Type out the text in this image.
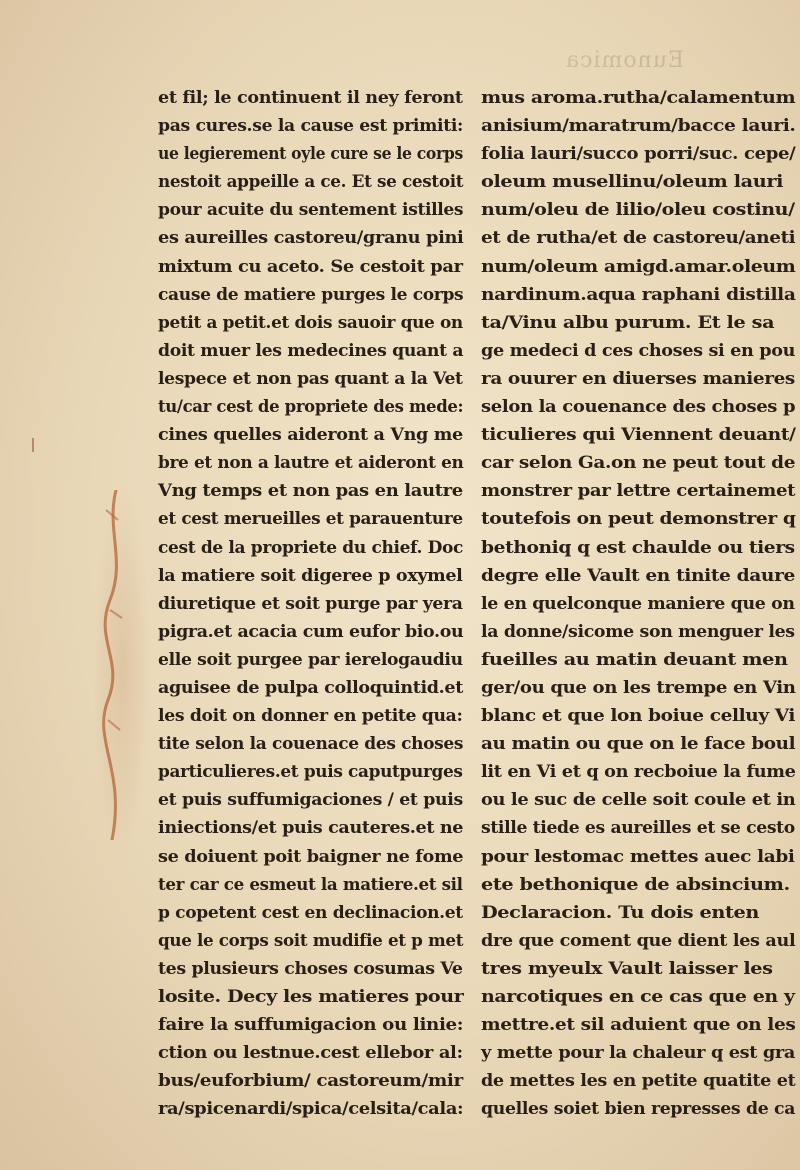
Eunomica
et fil; le continuent il ney feront
pas cures.se la cause est primiti:
ue legierement oyle cure se le corps
nestoit appeille a ce. Et se cestoit
pour acuite du sentement istilles
es aureilles castoreu/granu pini
mixtum cu aceto. Se cestoit par
cause de matiere purges le corps
petit a petit.et dois sauoir que on
doit muer les medecines quant a
lespece et non pas quant a la Vet
tu/car cest de propriete des mede:
cines quelles aideront a Vng me
bre et non a lautre et aideront en
Vng temps et non pas en lautre
et cest merueilles et parauenture
cest de la propriete du chief. Doc
la matiere soit digeree p oxymel
diuretique et soit purge par yera
pigra.et acacia cum eufor bio.ou
elle soit purgee par ierelogaudiu
aguisee de pulpa colloquintid.et
les doit on donner en petite qua:
tite selon la couenace des choses
particulieres.et puis caputpurges
et puis suffumigaciones / et puis
iniections/et puis cauteres.et ne
se doiuent poit baigner ne fome
ter car ce esmeut la matiere.et sil
p copetent cest en declinacion.et
que le corps soit mudifie et p met
tes plusieurs choses cosumas Ve
losite. Decy les matieres pour
faire la suffumigacion ou linie:
ction ou lestnue.cest ellebor al:
bus/euforbium/ castoreum/mir
ra/spicenardi/spica/celsita/cala:
mus aroma.rutha/calamentum
anisium/maratrum/bacce lauri.
folia lauri/succo porri/suc. cepe/
oleum musellinu/oleum lauri
num/oleu de lilio/oleu costinu/
et de rutha/et de castoreu/aneti
num/oleum amigd.amar.oleum
nardinum.aqua raphani distilla
ta/Vinu albu purum. Et le sa
ge medeci d ces choses si en pou
ra ouurer en diuerses manieres
selon la couenance des choses p
ticulieres qui Viennent deuant/
car selon Ga.on ne peut tout de
monstrer par lettre certainemet
toutefois on peut demonstrer q
bethoniq q est chaulde ou tiers
degre elle Vault en tinite daure
le en quelconque maniere que on
la donne/sicome son menguer les
fueilles au matin deuant men
ger/ou que on les trempe en Vin
blanc et que lon boiue celluy Vi
au matin ou que on le face boul
lit en Vi et q on recboiue la fume
ou le suc de celle soit coule et in
stille tiede es aureilles et se cesto
pour lestomac mettes auec labi
ete bethonique de absincium.
Declaracion. Tu dois enten
dre que coment que dient les aul
tres myeulx Vault laisser les
narcotiques en ce cas que en y
mettre.et sil aduient que on les
y mette pour la chaleur q est gra
de mettes les en petite quatite et
quelles soiet bien represses de ca
